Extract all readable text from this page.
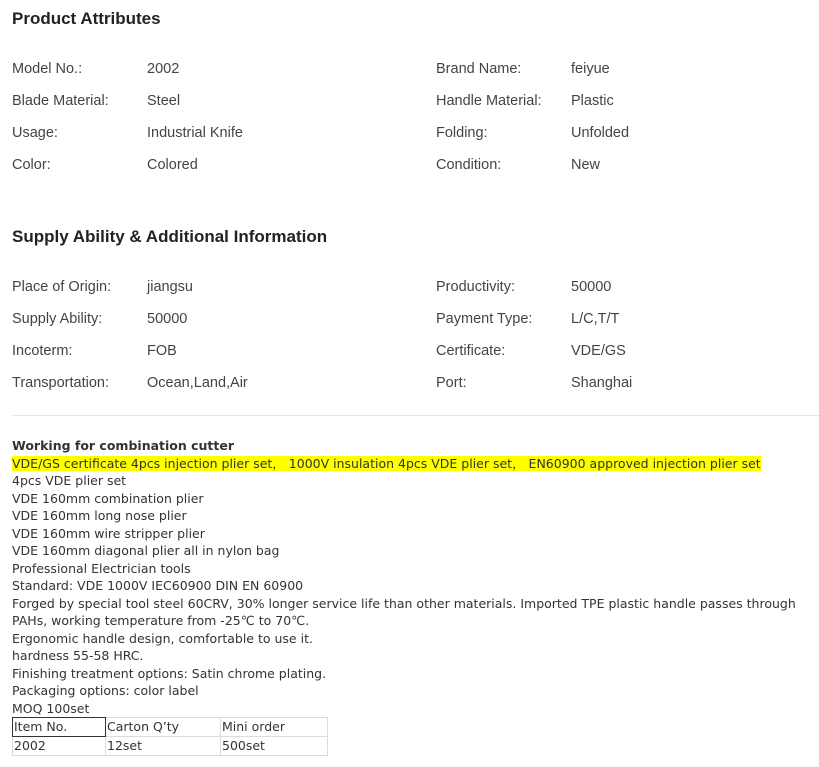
Product Attributes
Model No.:	2002	Brand Name:	feiyue
Blade Material:	Steel	Handle Material: Plastic
Usage:	Industrial Knife	Folding:	Unfolded
Color:	Colored	Condition:	New
Supply Ability & Additional Information
Place of Origin: jiangsu	Productivity:	50000
Supply Ability:	50000	Payment Type:	L/C,T/T
Incoterm:	FOB	Certificate:	VDE/GS
Transportation:	Ocean,Land,Air	Port:	Shanghai
Working for combination cutter
VDE/GS certificate 4pcs injection plier set， 1000V insulation 4pcs VDE plier set， EN60900 approved injection plier set
4pcs VDE plier set
VDE 160mm combination plier
VDE 160mm long nose plier
VDE 160mm wire stripper plier
VDE 160mm diagonal plier all in nylon bag
Professional Electrician tools
Standard: VDE 1000V IEC60900 DIN EN 60900
Forged by special tool steel 60CRV, 30% longer service life than other materials. Imported TPE plastic handle passes through PAHs, working temperature from -25℃ to 70℃.
Ergonomic handle design, comfortable to use it.
hardness 55-58 HRC.
Finishing treatment options: Satin chrome plating.
Packaging options: color label
MOQ 100set
Item No.	Carton Q’ty	Mini order
2002	12set	500set
